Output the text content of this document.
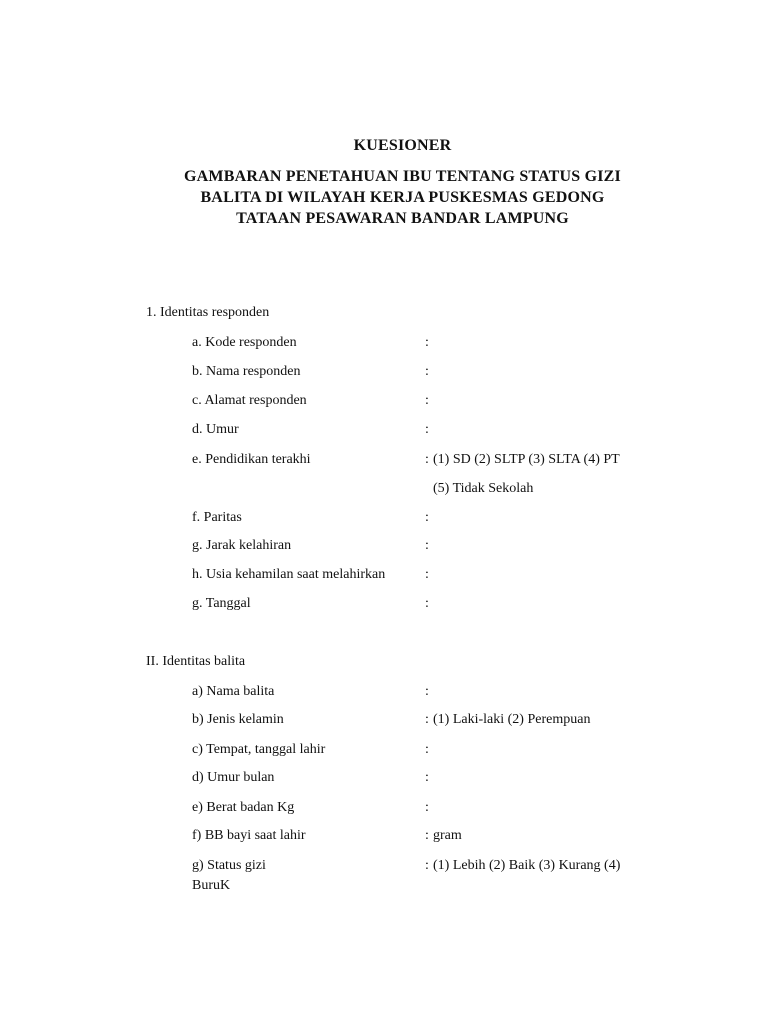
KUESIONER

GAMBARAN PENETAHUAN IBU TENTANG STATUS GIZI

BALITA DI WILAYAH KERJA PUSKESMAS GEDONG

TATAAN PESAWARAN BANDAR LAMPUNG

1. Identitas responden
a. Kode responden	:
b. Nama responden	:
c. Alamat responden	:
d. Umur	:
e. Pendidikan terakhi	: (1) SD (2) SLTP (3) SLTA (4) PT
(5) Tidak Sekolah
f. Paritas	:
g. Jarak kelahiran	:
h. Usia kehamilan saat melahirkan	:
g. Tanggal	:
II. Identitas balita
a) Nama balita	:
b) Jenis kelamin	: (1) Laki-laki (2) Perempuan
c) Tempat, tanggal lahir	:
d) Umur bulan	:
e) Berat badan Kg	:
f) BB bayi saat lahir	: gram
g) Status gizi	: (1) Lebih (2) Baik (3) Kurang (4)
BuruK
